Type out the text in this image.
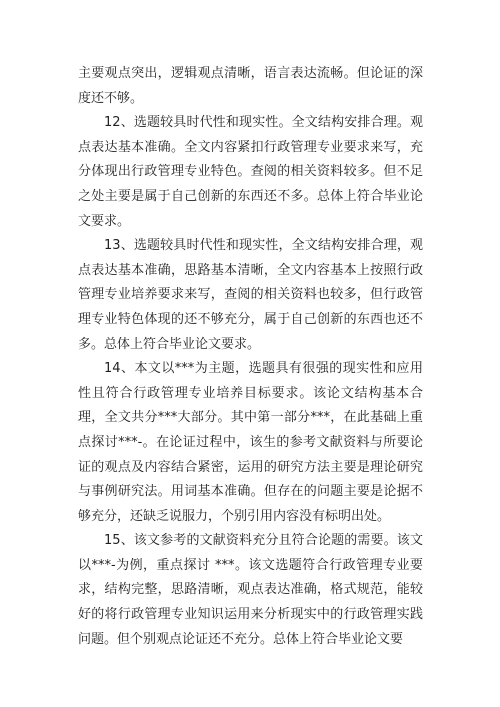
主要观点突出，逻辑观点清晰，语言表达流畅。但论证的深度还不够。

12、选题较具时代性和现实性。全文结构安排合理。观点表达基本准确。全文内容紧扣行政管理专业要求来写，充分体现出行政管理专业特色。查阅的相关资料较多。但不足之处主要是属于自己创新的东西还不多。总体上符合毕业论文要求。

13、选题较具时代性和现实性，全文结构安排合理，观点表达基本准确，思路基本清晰，全文内容基本上按照行政管理专业培养要求来写，查阅的相关资料也较多，但行政管理专业特色体现的还不够充分，属于自己创新的东西也还不多。总体上符合毕业论文要求。

14、本文以***为主题，选题具有很强的现实性和应用性且符合行政管理专业培养目标要求。该论文结构基本合理，全文共分***大部分。其中第一部分***，在此基础上重点探讨***-。在论证过程中，该生的参考文献资料与所要论证的观点及内容结合紧密，运用的研究方法主要是理论研究与事例研究法。用词基本准确。但存在的问题主要是论据不够充分，还缺乏说服力，个别引用内容没有标明出处。

15、该文参考的文献资料充分且符合论题的需要。该文以***-为例，重点探讨 ***。该文选题符合行政管理专业要求，结构完整，思路清晰，观点表达准确，格式规范，能较好的将行政管理专业知识运用来分析现实中的行政管理实践问题。但个别观点论证还不充分。总体上符合毕业论文要
